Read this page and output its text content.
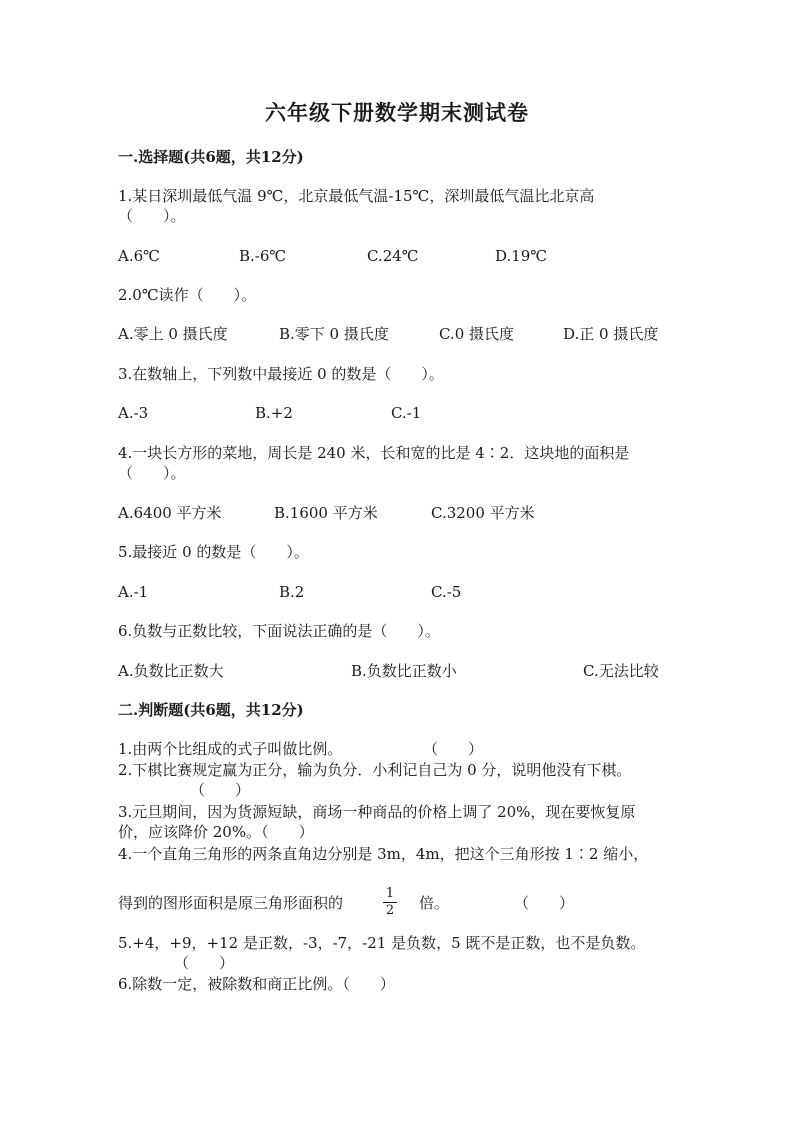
六年级下册数学期末测试卷
一.选择题(共6题，共12分)
1.某日深圳最低气温 9℃，北京最低气温-15℃，深圳最低气温比北京高
（　　）。
A.6℃	B.-6℃	C.24℃	D.19℃
2.0℃读作（　　）。
A.零上 0 摄氏度	B.零下 0 摄氏度	C.0 摄氏度	D.正 0 摄氏度
3.在数轴上，下列数中最接近 0 的数是（　　）。
A.-3	B.+2	C.-1
4.一块长方形的菜地，周长是 240 米，长和宽的比是 4∶2．这块地的面积是
（　　）。
A.6400 平方米	B.1600 平方米	C.3200 平方米
5.最接近 0 的数是（　　）。
A.-1	B.2	C.-5
6.负数与正数比较，下面说法正确的是（　　）。
A.负数比正数大	B.负数比正数小	C.无法比较
二.判断题(共6题，共12分)
1.由两个比组成的式子叫做比例。	（　　）
2.下棋比赛规定赢为正分，输为负分．小利记自己为 0 分，说明他没有下棋。
（　　）
3.元旦期间，因为货源短缺，商场一种商品的价格上调了 20%，现在要恢复原
价，应该降价 20%。（　　）
4.一个直角三角形的两条直角边分别是 3m，4m，把这个三角形按 1∶2 缩小，
得到的图形面积是原三角形面积的
1
2 倍。	（　　）
5.+4，+9，+12 是正数，-3，-7，-21 是负数，5 既不是正数，也不是负数。
（　　）
6.除数一定，被除数和商正比例。（　　）
